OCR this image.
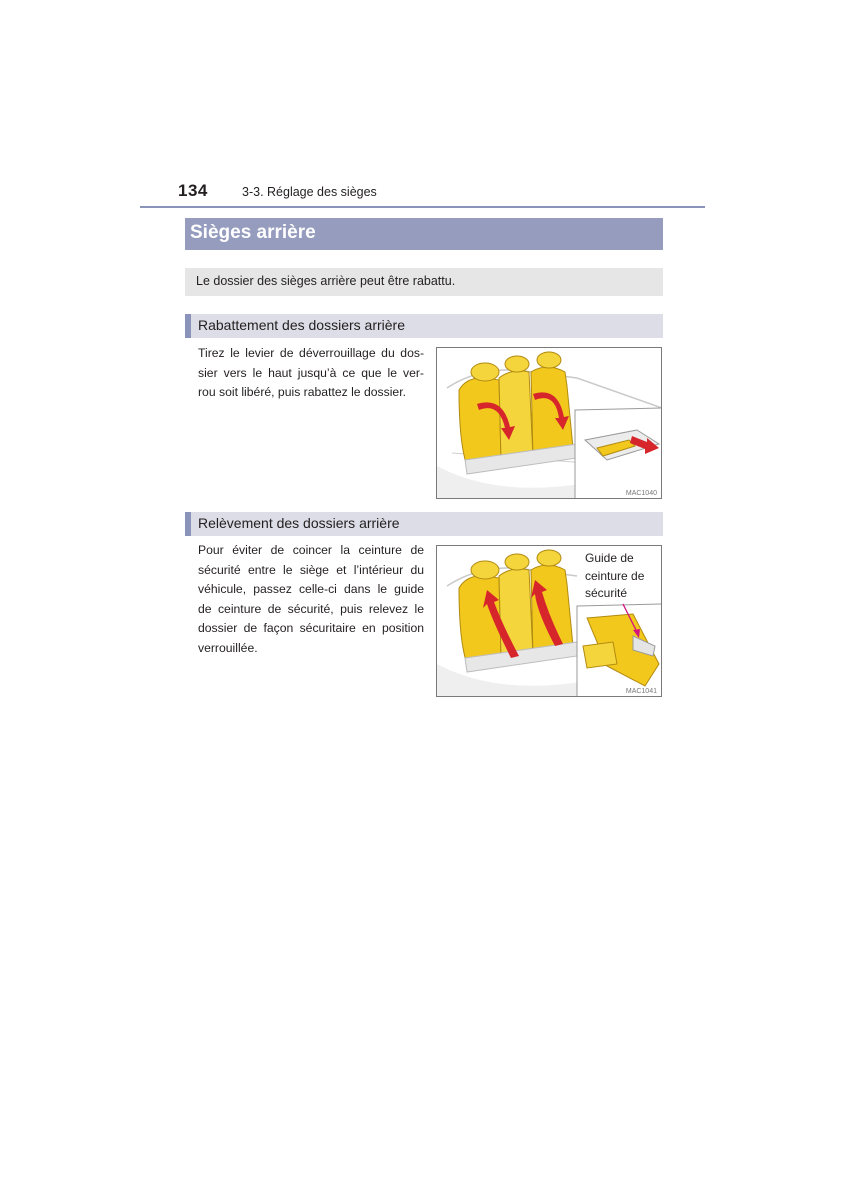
134	3-3. Réglage des sièges
Sièges arrière
Le dossier des sièges arrière peut être rabattu.
Rabattement des dossiers arrière
Tirez le levier de déverrouillage du dos-
sier vers le haut jusqu’à ce que le ver-
rou soit libéré, puis rabattez le dossier.
MAC1040
Relèvement des dossiers arrière
Pour éviter de coincer la ceinture de
sécurité entre le siège et l’intérieur du
véhicule, passez celle-ci dans le guide
de ceinture de sécurité, puis relevez le
dossier de façon sécuritaire en position
verrouillée.
Guide de
ceinture de
sécurité
MAC1041
